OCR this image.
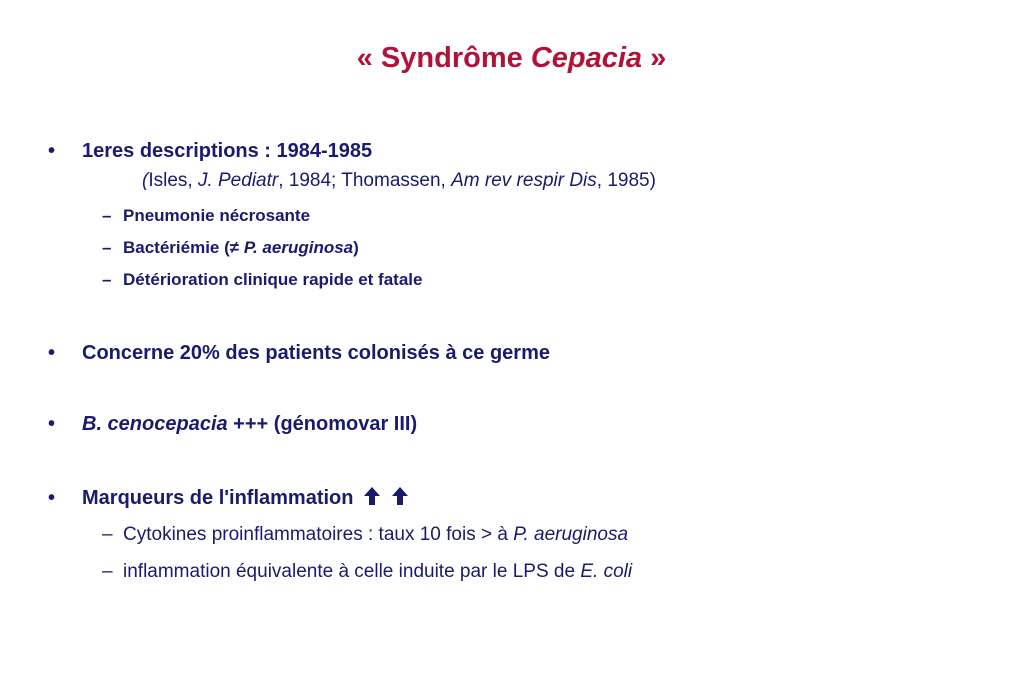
« Syndrôme Cepacia »
• 1eres descriptions : 1984-1985
(Isles, J. Pediatr, 1984; Thomassen, Am rev respir Dis, 1985)
– Pneumonie nécrosante
– Bactériémie (≠ P. aeruginosa)
– Détérioration clinique rapide et fatale
• Concerne 20% des patients colonisés à ce germe
• B. cenocepacia +++ (génomovar III)
• Marqueurs de l'inflammation
– Cytokines proinflammatoires : taux 10 fois > à P. aeruginosa
– inflammation équivalente à celle induite par le LPS de E. coli
